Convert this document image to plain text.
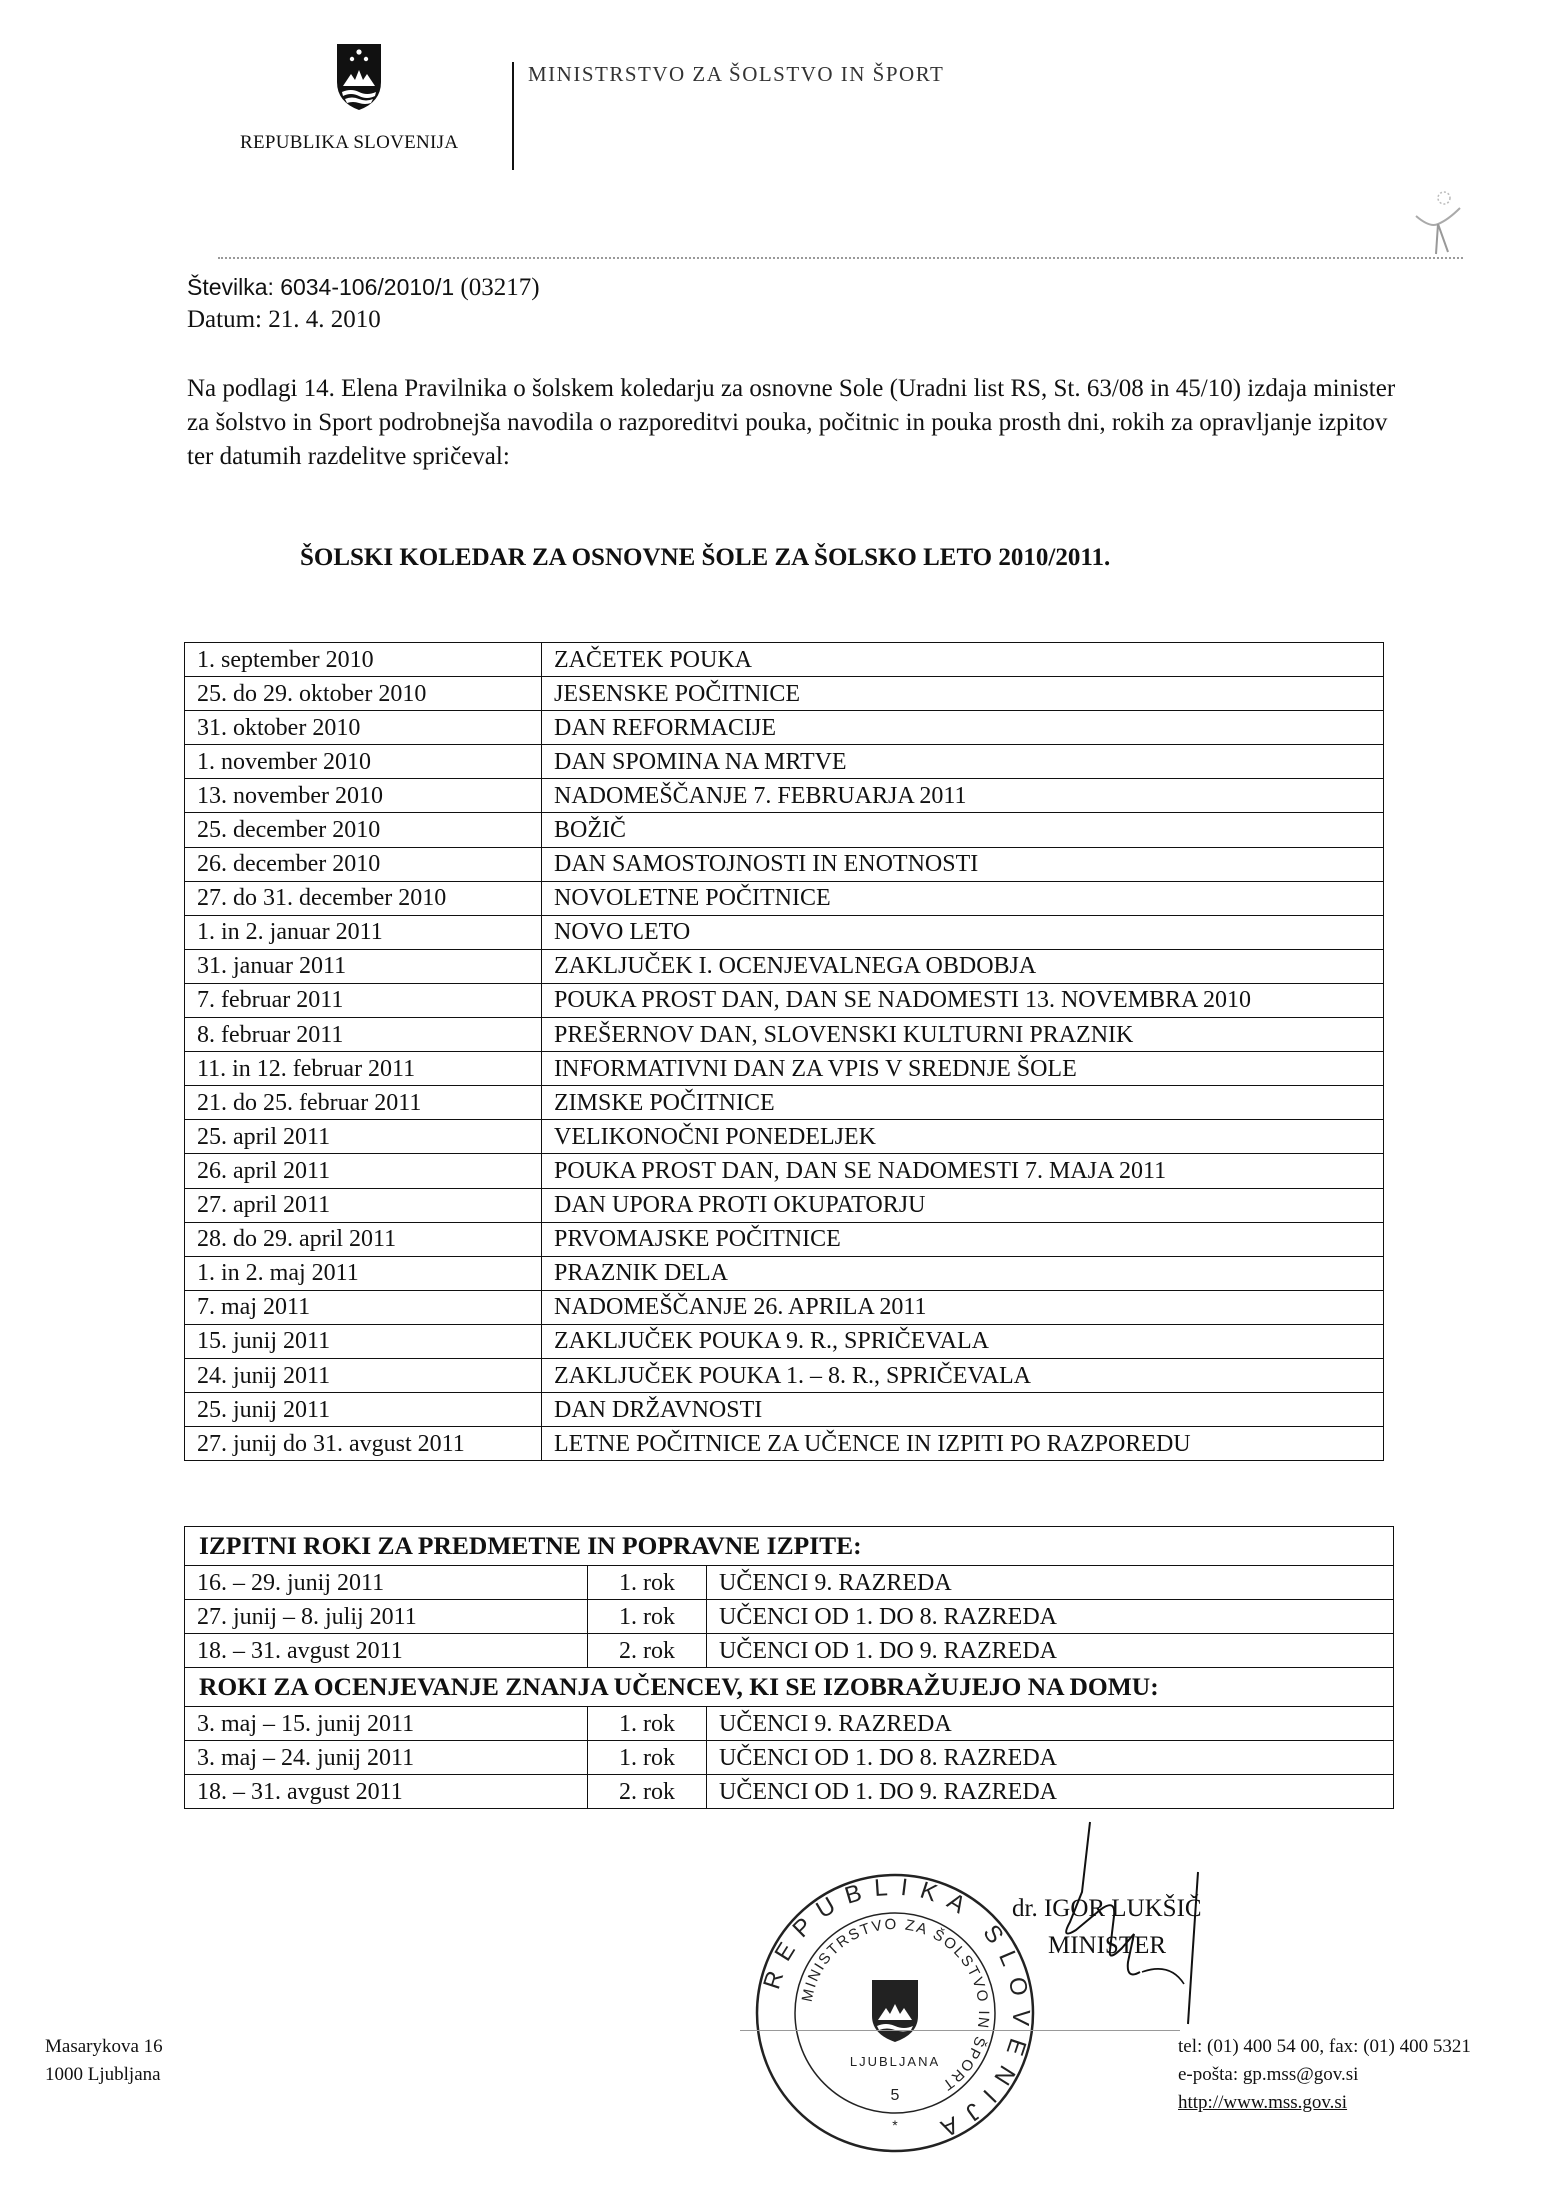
REPUBLIKA SLOVENIJA
MINISTRSTVO ZA ŠOLSTVO IN ŠPORT
Številka: 6034-106/2010/1 (03217)
Datum: 21. 4. 2010
Na podlagi 14. Elena Pravilnika o šolskem koledarju za osnovne Sole (Uradni list RS, St. 63/08 in 45/10) izdaja minister za šolstvo in Sport podrobnejša navodila o razporeditvi pouka, počitnic in pouka prosth dni, rokih za opravljanje izpitov ter datumih razdelitve spričeval:
ŠOLSKI KOLEDAR ZA OSNOVNE ŠOLE ZA ŠOLSKO LETO 2010/2011.
1. september 2010	ZAČETEK POUKA
25. do 29. oktober 2010	JESENSKE POČITNICE
31. oktober 2010	DAN REFORMACIJE
1. november 2010	DAN SPOMINA NA MRTVE
13. november 2010	NADOMEŠČANJE 7. FEBRUARJA 2011
25. december 2010	BOŽIČ
26. december 2010	DAN SAMOSTOJNOSTI IN ENOTNOSTI
27. do 31. december 2010	NOVOLETNE POČITNICE
1. in 2. januar 2011	NOVO LETO
31. januar 2011	ZAKLJUČEK I. OCENJEVALNEGA OBDOBJA
7. februar 2011	POUKA PROST DAN, DAN SE NADOMESTI 13. NOVEMBRA 2010
8. februar 2011	PREŠERNOV DAN, SLOVENSKI KULTURNI PRAZNIK
11. in 12. februar 2011	INFORMATIVNI DAN ZA VPIS V SREDNJE ŠOLE
21. do 25. februar 2011	ZIMSKE POČITNICE
25. april 2011	VELIKONOČNI PONEDELJEK
26. april 2011	POUKA PROST DAN, DAN SE NADOMESTI 7. MAJA 2011
27. april 2011	DAN UPORA PROTI OKUPATORJU
28. do 29. april 2011	PRVOMAJSKE POČITNICE
1. in 2. maj 2011	PRAZNIK DELA
7. maj 2011	NADOMEŠČANJE 26. APRILA 2011
15. junij 2011	ZAKLJUČEK POUKA 9. R., SPRIČEVALA
24. junij 2011	ZAKLJUČEK POUKA 1. – 8. R., SPRIČEVALA
25. junij 2011	DAN DRŽAVNOSTI
27. junij do 31. avgust 2011	LETNE POČITNICE ZA UČENCE IN IZPITI PO RAZPOREDU
IZPITNI ROKI ZA PREDMETNE IN POPRAVNE IZPITE:		
16. – 29. junij 2011	1. rok	UČENCI 9. RAZREDA
27. junij – 8. julij 2011	1. rok	UČENCI OD 1. DO 8. RAZREDA
18. – 31. avgust 2011	2. rok	UČENCI OD 1. DO 9. RAZREDA
ROKI ZA OCENJEVANJE ZNANJA UČENCEV, KI SE IZOBRAŽUJEJO NA DOMU:		
3. maj – 15. junij 2011	1. rok	UČENCI 9. RAZREDA
3. maj – 24. junij 2011	1. rok	UČENCI OD 1. DO 8. RAZREDA
18. – 31. avgust 2011	2. rok	UČENCI OD 1. DO 9. RAZREDA
REPUBLIKA SLOVENIJA
MINISTRSTVO ZA ŠOLSTVO IN ŠPORT
LJUBLJANA
5
*
dr. IGOR LUKŠIČ
MINISTER
Masarykova 16
1000 Ljubljana
tel: (01) 400 54 00, fax: (01) 400 5321
e-pošta: gp.mss@gov.si
http://www.mss.gov.si
